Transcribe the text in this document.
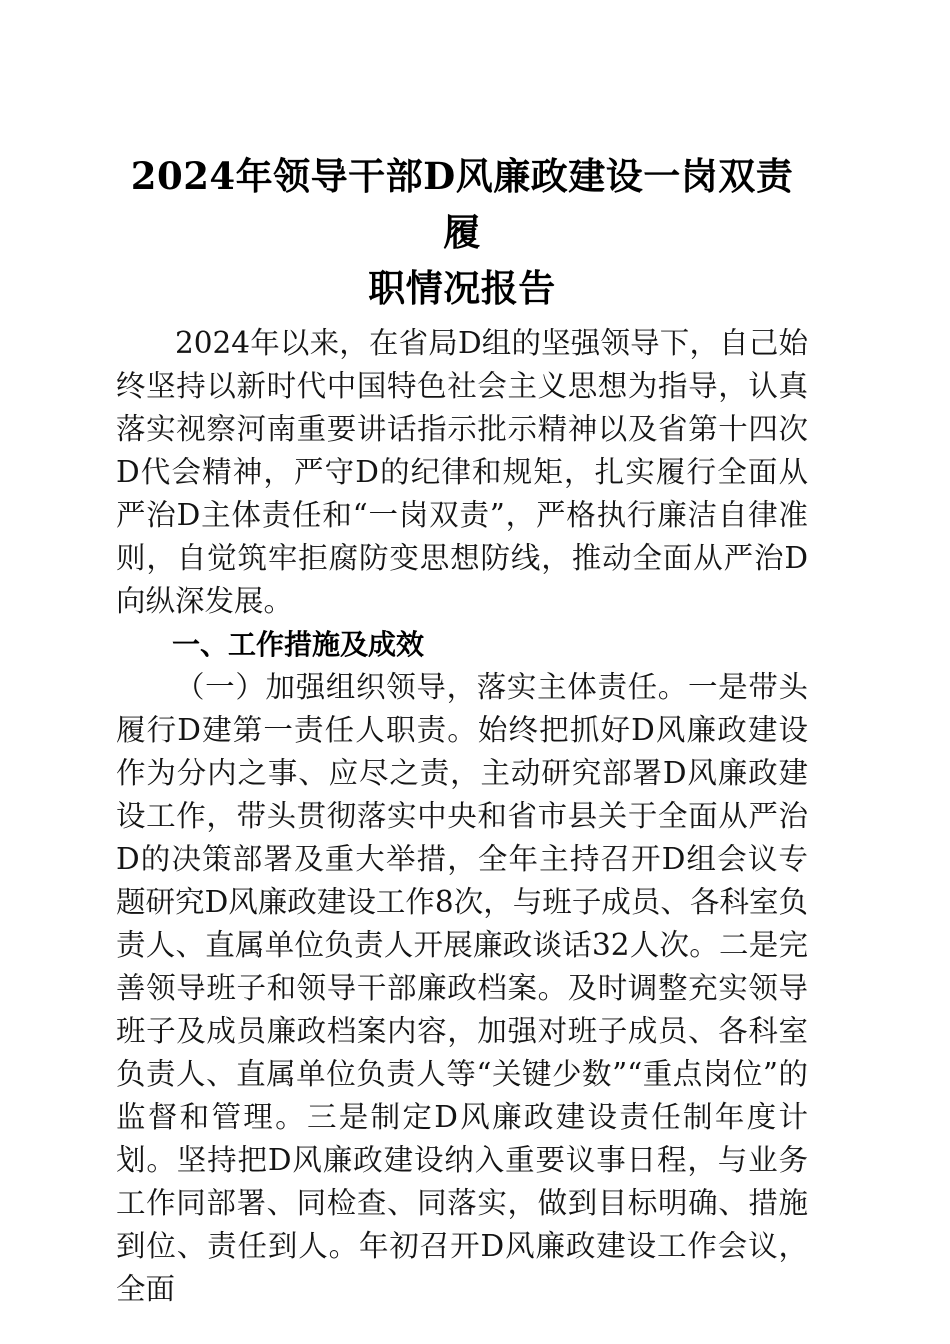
2024年领导干部D风廉政建设一岗双责履
职情况报告

2024年以来，在省局D组的坚强领导下，自己始终坚持以新时代中国特色社会主义思想为指导，认真落实视察河南重要讲话指示批示精神以及省第十四次D代会精神，严守D的纪律和规矩，扎实履行全面从严治D主体责任和“一岗双责”，严格执行廉洁自律准则，自觉筑牢拒腐防变思想防线，推动全面从严治D向纵深发展。

一、工作措施及成效

（一）加强组织领导，落实主体责任。一是带头履行D建第一责任人职责。始终把抓好D风廉政建设作为分内之事、应尽之责，主动研究部署D风廉政建设工作，带头贯彻落实中央和省市县关于全面从严治D的决策部署及重大举措，全年主持召开D组会议专题研究D风廉政建设工作8次，与班子成员、各科室负责人、直属单位负责人开展廉政谈话32人次。二是完善领导班子和领导干部廉政档案。及时调整充实领导班子及成员廉政档案内容，加强对班子成员、各科室负责人、直属单位负责人等“关键少数”“重点岗位”的监督和管理。三是制定D风廉政建设责任制年度计划。坚持把D风廉政建设纳入重要议事日程，与业务工作同部署、同检查、同落实，做到目标明确、措施到位、责任到人。年初召开D风廉政建设工作会议，全面
